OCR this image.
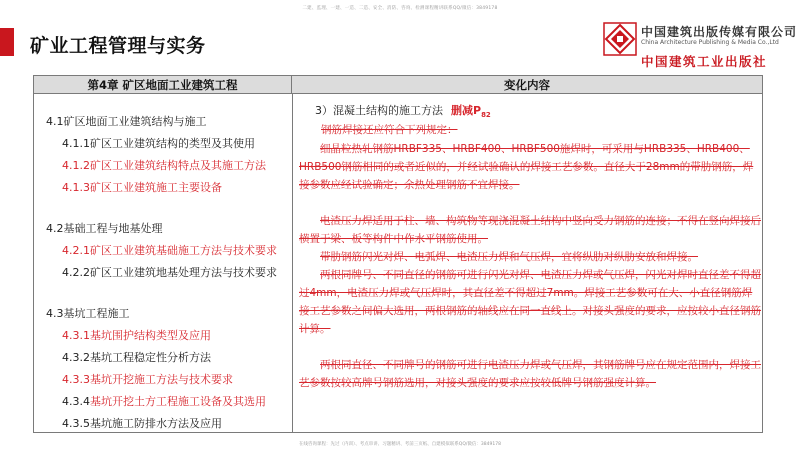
二建、监理、一建、一造、二造、安全、消防、咨询、检测课程精讲联系QQ/微信：3849178
矿业工程管理与实务
中国建筑出版传媒有限公司
China Architecture Publishing & Media Co.,Ltd
中国建筑工业出版社
第4章 矿区地面工业建筑工程	变化内容
4.1矿区地面工业建筑结构与施工
4.1.1矿区工业建筑结构的类型及其使用
4.1.2矿区工业建筑结构特点及其施工方法
4.1.3矿区工业建筑施工主要设备
4.2基础工程与地基处理
4.2.1矿区工业建筑基础施工方法与技术要求
4.2.2矿区工业建筑地基处理方法与技术要求
4.3基坑工程施工
4.3.1基坑围护结构类型及应用
4.3.2基坑工程稳定性分析方法
4.3.3基坑开挖施工方法与技术要求
4.3.4基坑开挖土方工程施工设备及其选用
4.3.5基坑施工防排水方法及应用
3）混凝土结构的施工方法 删减$P_{82}$
钢筋焊接还应符合下列规定：
细晶粒热轧钢筋HRBF335、HRBF400、HRBF500施焊时，可采用与HRB335、HRB400、HRB500钢筋相同的或者近似的，并经试验确认的焊接工艺参数。直径大于28mm的带肋钢筋，焊接参数应经试验确定；余热处理钢筋不宜焊接。
电渣压力焊适用于柱、墙、构筑物等现浇混凝土结构中竖向受力钢筋的连接；不得在竖向焊接后横置于梁、板等构件中作水平钢筋使用。
带肋钢筋闪光对焊、电弧焊、电渣压力焊和气压焊，宜将纵肋对纵肋安放和焊接。
两根同牌号、不同直径的钢筋可进行闪光对焊、电渣压力焊或气压焊，闪光对焊时直径差不得超过4mm，电渣压力焊或气压焊时，其直径差不得超过7mm。焊接工艺参数可在大、小直径钢筋焊接工艺参数之间偏大选用，两根钢筋的轴线应在同一直线上。对接头强度的要求，应按较小直径钢筋计算。
两根同直径、不同牌号的钢筋可进行电渣压力焊或气压焊，其钢筋牌号应在规定范围内，焊接工艺参数按较高牌号钢筋选用，对接头强度的要求应按较低牌号钢筋强度计算。
在线咨询课程：先过（内训）、考点串讲、习题精讲、考前三页纸、自建模拟联系QQ/微信：3849178
